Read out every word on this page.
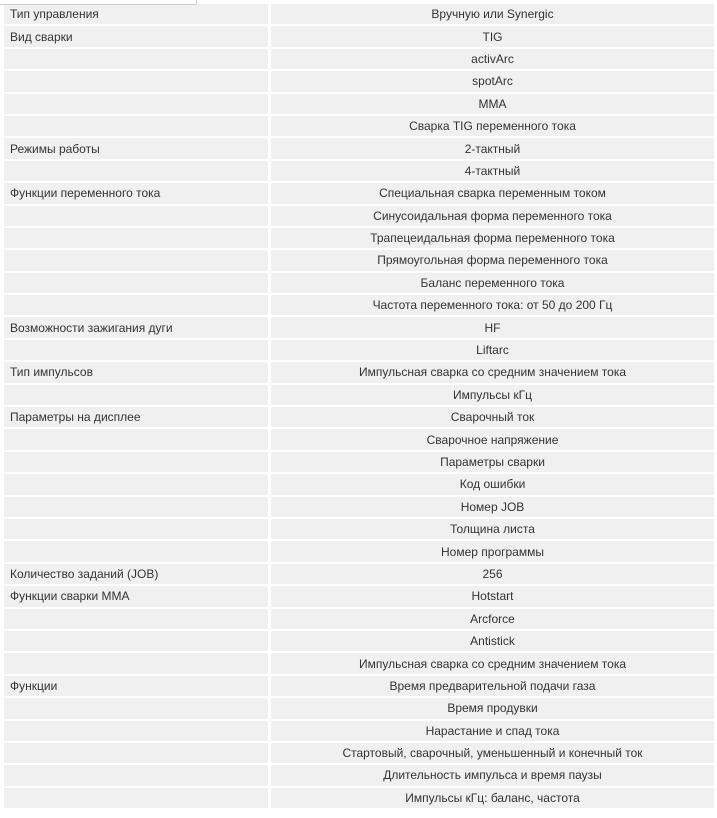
Тип управления	Вручную или Synergic
Вид сварки	TIG
	activArc
	spotArc
	MMA
	Сварка TIG переменного тока
Режимы работы	2-тактный
	4-тактный
Функции переменного тока	Специальная сварка переменным током
	Синусоидальная форма переменного тока
	Трапецеидальная форма переменного тока
	Прямоугольная форма переменного тока
	Баланс переменного тока
	Частота переменного тока: от 50 до 200 Гц
Возможности зажигания дуги	HF
	Liftarc
Тип импульсов	Импульсная сварка со средним значением тока
	Импульсы кГц
Параметры на дисплее	Сварочный ток
	Сварочное напряжение
	Параметры сварки
	Код ошибки
	Номер JOB
	Толщина листа
	Номер программы
Количество заданий (JOB)	256
Функции сварки MMA	Hotstart
	Arcforce
	Antistick
	Импульсная сварка со средним значением тока
Функции	Время предварительной подачи газа
	Время продувки
	Нарастание и спад тока
	Стартовый, сварочный, уменьшенный и конечный ток
	Длительность импульса и время паузы
	Импульсы кГц: баланс, частота
